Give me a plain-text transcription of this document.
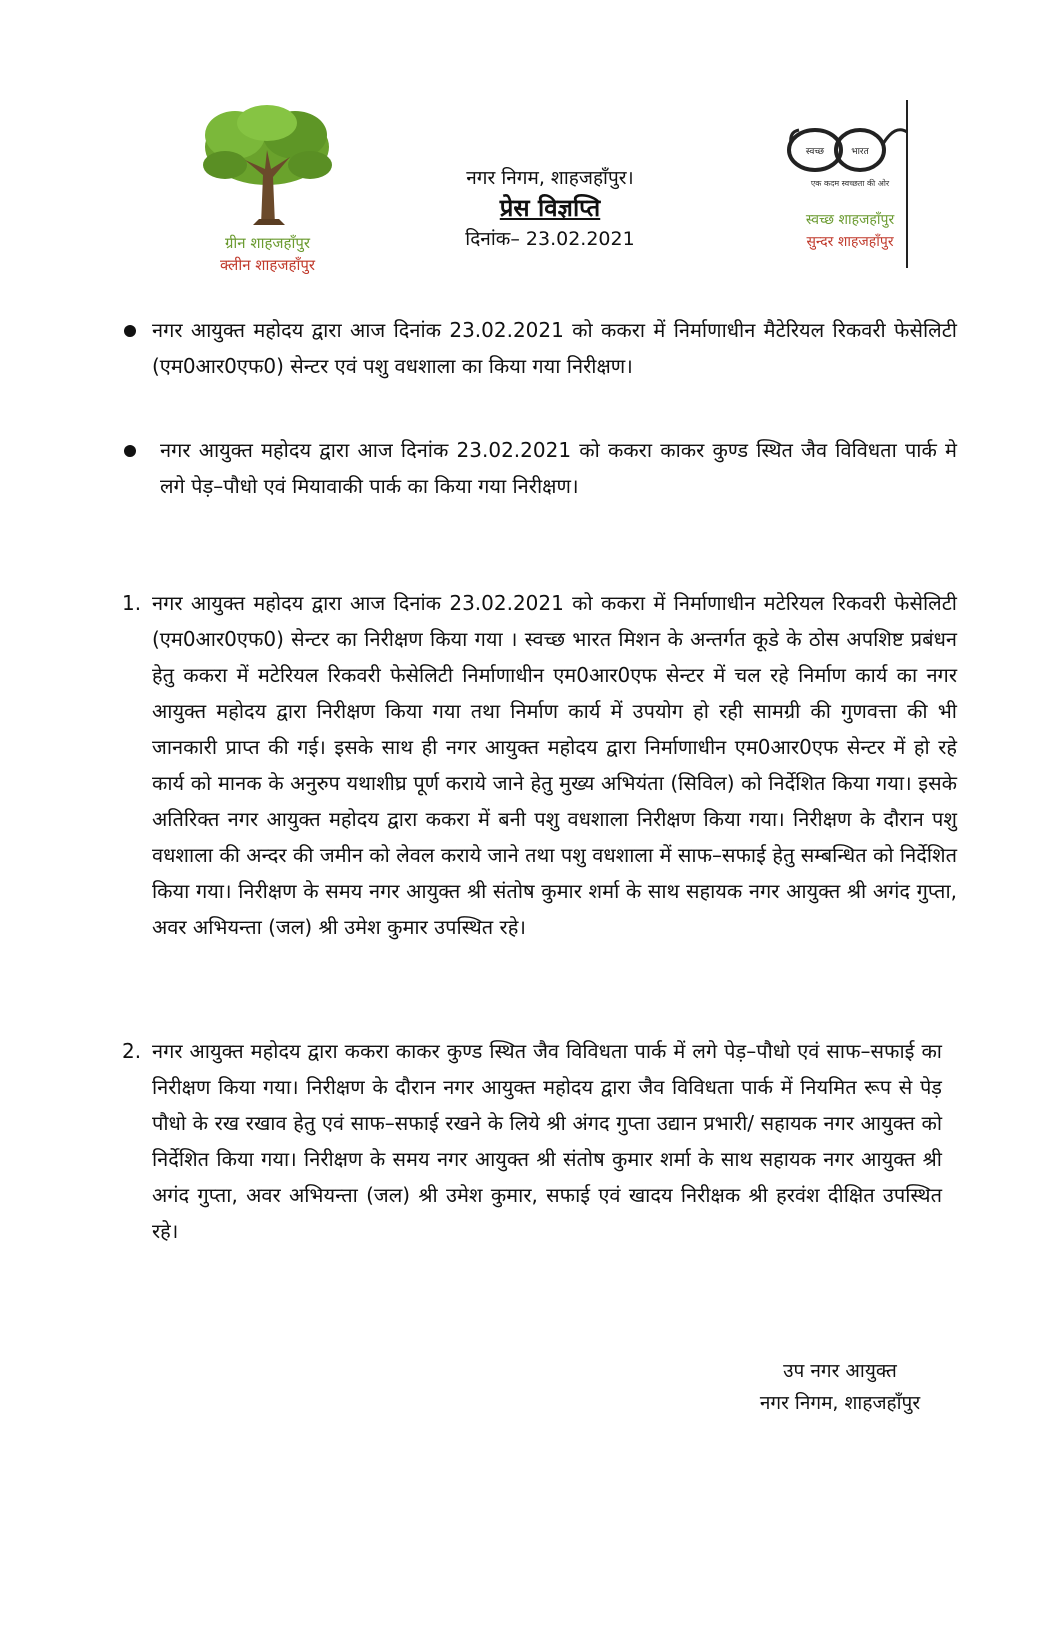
ग्रीन शाहजहाँपुर
क्लीन शाहजहाँपुर
नगर निगम, शाहजहाँपुर।
प्रेस विज्ञप्ति
दिनांक– 23.02.2021
स्वच्छ	भारत
एक कदम स्वच्छता की ओर
स्वच्छ शाहजहाँपुर
सुन्दर शाहजहाँपुर
नगर आयुक्त महोदय द्वारा आज दिनांक 23.02.2021 को ककरा में निर्माणाधीन मैटेरियल रिकवरी फेसेलिटी (एम0आर0एफ0) सेन्टर एवं पशु वधशाला का किया गया निरीक्षण।
नगर आयुक्त महोदय द्वारा आज दिनांक 23.02.2021 को ककरा काकर कुण्ड स्थित जैव विविधता पार्क मे लगे पेड़–पौधो एवं मियावाकी पार्क का किया गया निरीक्षण।
1. नगर आयुक्त महोदय द्वारा आज दिनांक 23.02.2021 को ककरा में निर्माणाधीन मटेरियल रिकवरी फेसेलिटी (एम0आर0एफ0) सेन्टर का निरीक्षण किया गया । स्वच्छ भारत मिशन के अन्तर्गत कूडे के ठोस अपशिष्ट प्रबंधन हेतु ककरा में मटेरियल रिकवरी फेसेलिटी निर्माणाधीन एम0आर0एफ सेन्टर में चल रहे निर्माण कार्य का नगर आयुक्त महोदय द्वारा निरीक्षण किया गया तथा निर्माण कार्य में उपयोग हो रही सामग्री की गुणवत्ता की भी जानकारी प्राप्त की गई। इसके साथ ही नगर आयुक्त महोदय द्वारा निर्माणाधीन एम0आर0एफ सेन्टर में हो रहे कार्य को मानक के अनुरुप यथाशीघ्र पूर्ण कराये जाने हेतु मुख्य अभियंता (सिविल) को निर्देशित किया गया। इसके अतिरिक्त नगर आयुक्त महोदय द्वारा ककरा में बनी पशु वधशाला निरीक्षण किया गया। निरीक्षण के दौरान पशु वधशाला की अन्दर की जमीन को लेवल कराये जाने तथा पशु वधशाला में साफ–सफाई हेतु सम्बन्धित को निर्देशित किया गया। निरीक्षण के समय नगर आयुक्त श्री संतोष कुमार शर्मा के साथ सहायक नगर आयुक्त श्री अगंद गुप्ता, अवर अभियन्ता (जल) श्री उमेश कुमार उपस्थित रहे।
2. नगर आयुक्त महोदय द्वारा ककरा काकर कुण्ड स्थित जैव विविधता पार्क में लगे पेड़–पौधो एवं साफ–सफाई का निरीक्षण किया गया। निरीक्षण के दौरान नगर आयुक्त महोदय द्वारा जैव विविधता पार्क में नियमित रूप से पेड़ पौधो के रख रखाव हेतु एवं साफ–सफाई रखने के लिये श्री अंगद गुप्ता उद्यान प्रभारी/ सहायक नगर आयुक्त को निर्देशित किया गया। निरीक्षण के समय नगर आयुक्त श्री संतोष कुमार शर्मा के साथ सहायक नगर आयुक्त श्री अगंद गुप्ता, अवर अभियन्ता (जल) श्री उमेश कुमार, सफाई एवं खादय निरीक्षक श्री हरवंश दीक्षित उपस्थित रहे।
उप नगर आयुक्त
नगर निगम, शाहजहाँपुर
